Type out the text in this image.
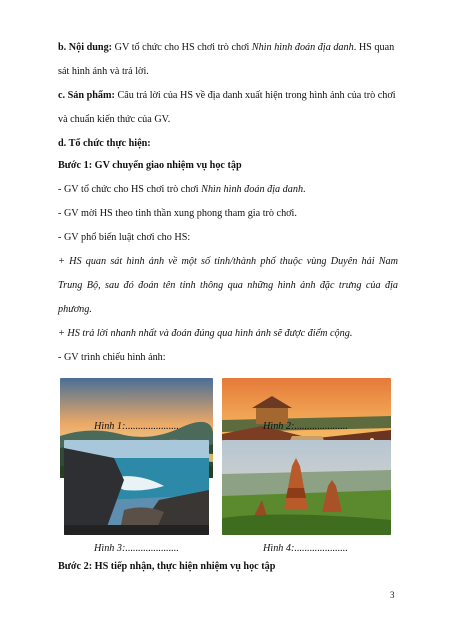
b. Nội dung: GV tổ chức cho HS chơi trò chơi Nhìn hình đoán địa danh. HS quan
sát hình ảnh và trả lời.
c. Sản phẩm: Câu trả lời của HS về địa danh xuất hiện trong hình ảnh của trò chơi
và chuẩn kiến thức của GV.
d. Tổ chức thực hiện:
Bước 1: GV chuyển giao nhiệm vụ học tập
- GV tổ chức cho HS chơi trò chơi Nhìn hình đoán địa danh.
- GV mời HS theo tinh thần xung phong tham gia trò chơi.
- GV phổ biến luật chơi cho HS:
+ HS quan sát hình ảnh về một số tỉnh/thành phố thuộc vùng Duyên hải Nam
Trung Bộ, sau đó đoán tên tỉnh thông qua những hình ảnh đặc trưng của địa
phương.
+ HS trả lời nhanh nhất và đoán đúng qua hình ảnh sẽ được điểm cộng.
- GV trình chiếu hình ảnh:
Hình 1:.....................	Hình 2:.....................
Hình 3:.....................	Hình 4:.....................
Bước 2: HS tiếp nhận, thực hiện nhiệm vụ học tập
3
